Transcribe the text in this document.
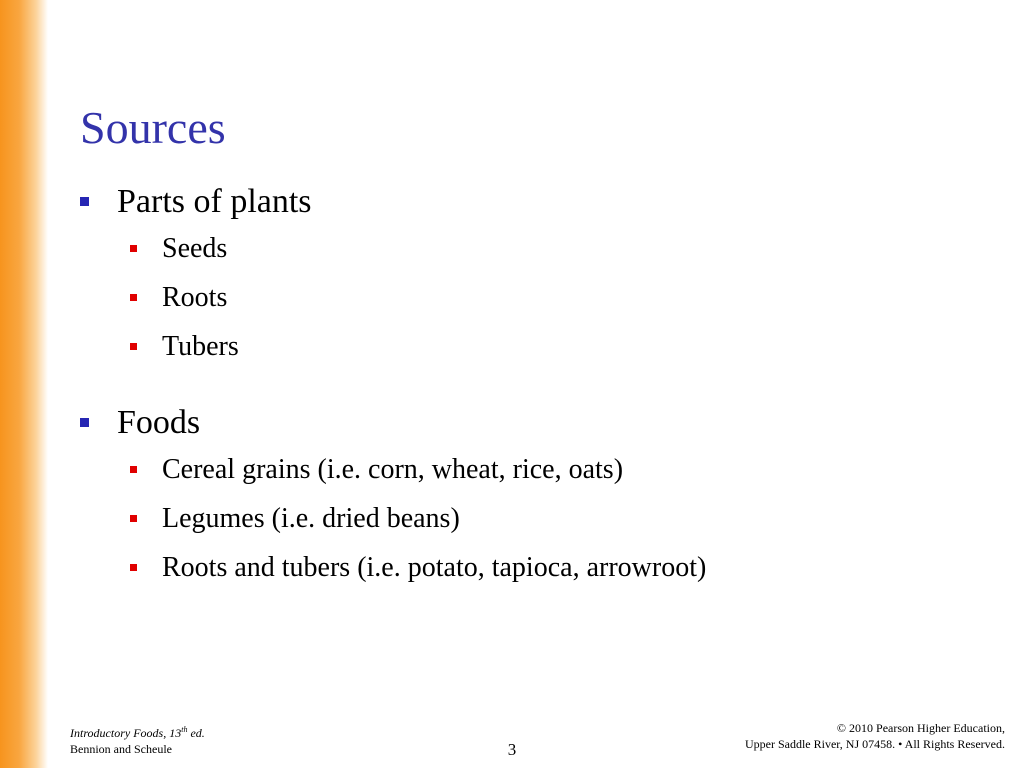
Sources
Parts of plants
Seeds
Roots
Tubers
Foods
Cereal grains (i.e. corn, wheat, rice, oats)
Legumes (i.e. dried beans)
Roots and tubers (i.e. potato, tapioca, arrowroot)
Introductory Foods, 13th ed.
Bennion and Scheule	3
© 2010 Pearson Higher Education,
Upper Saddle River, NJ 07458. • All Rights Reserved.
